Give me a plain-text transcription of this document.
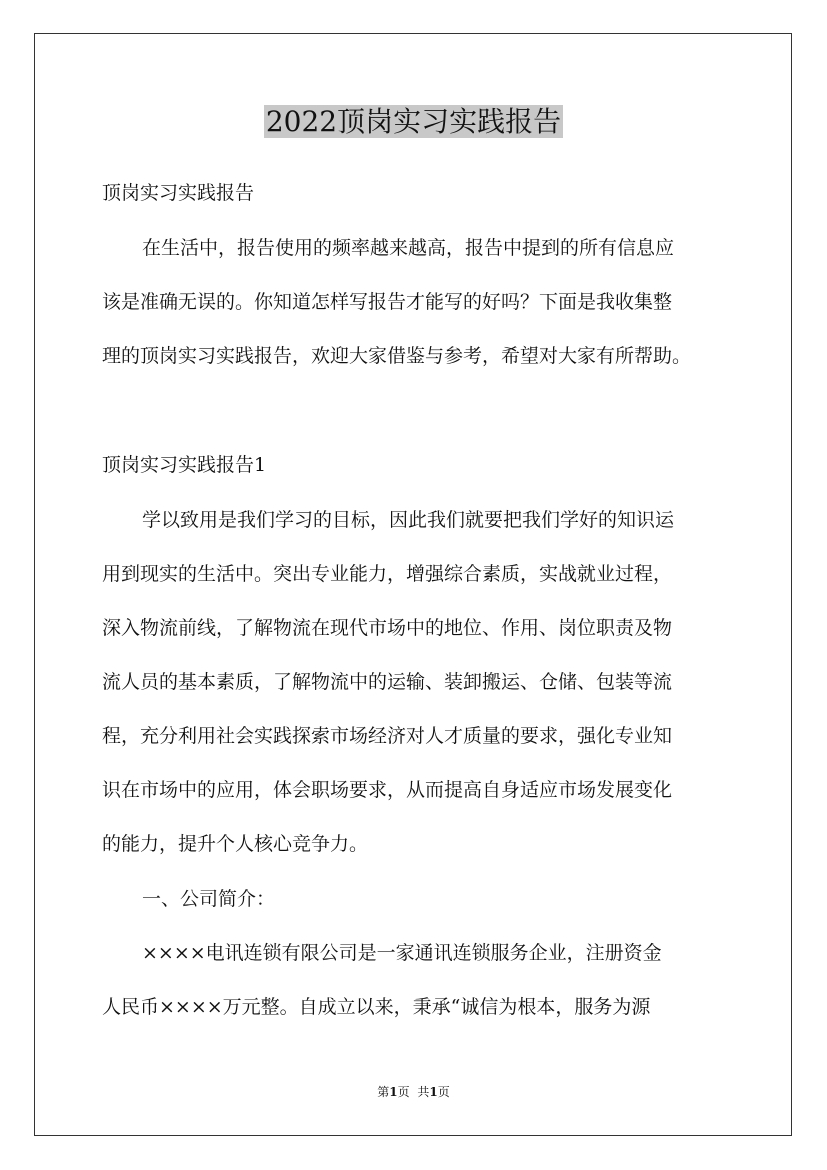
2022顶岗实习实践报告
顶岗实习实践报告
在生活中，报告使用的频率越来越高，报告中提到的所有信息应
该是准确无误的。你知道怎样写报告才能写的好吗？下面是我收集整
理的顶岗实习实践报告，欢迎大家借鉴与参考，希望对大家有所帮助。
顶岗实习实践报告1
学以致用是我们学习的目标，因此我们就要把我们学好的知识运
用到现实的生活中。突出专业能力，增强综合素质，实战就业过程，
深入物流前线，了解物流在现代市场中的地位、作用、岗位职责及物
流人员的基本素质，了解物流中的运输、装卸搬运、仓储、包装等流
程，充分利用社会实践探索市场经济对人才质量的要求，强化专业知
识在市场中的应用，体会职场要求，从而提高自身适应市场发展变化
的能力，提升个人核心竞争力。
一、公司简介：
××××电讯连锁有限公司是一家通讯连锁服务企业，注册资金
人民币××××万元整。自成立以来，秉承“诚信为根本，服务为源
第1页 共1页
